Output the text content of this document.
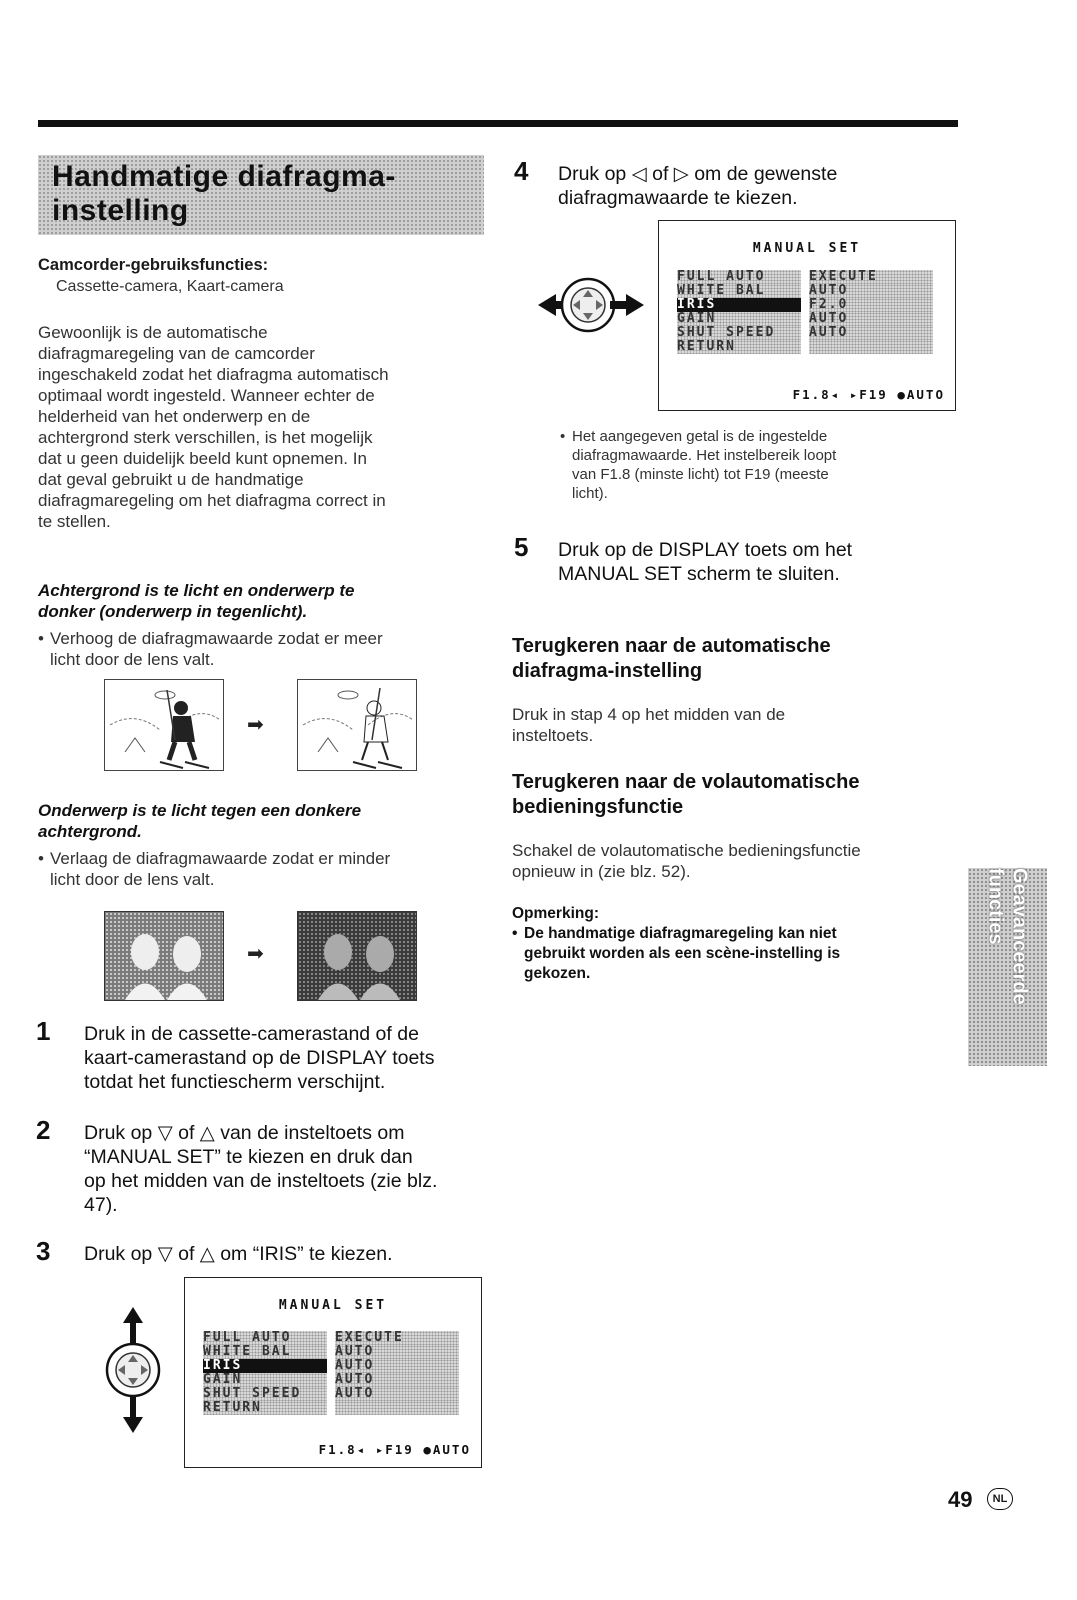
Handmatige diafragma-
instelling
Camcorder-gebruiksfuncties:
Cassette-camera, Kaart-camera
Gewoonlijk is de automatische
diafragmaregeling van de camcorder
ingeschakeld zodat het diafragma automatisch
optimaal wordt ingesteld. Wanneer echter de
helderheid van het onderwerp en de
achtergrond sterk verschillen, is het mogelijk
dat u geen duidelijk beeld kunt opnemen. In
dat geval gebruikt u de handmatige
diafragmaregeling om het diafragma correct in
te stellen.
Achtergrond is te licht en onderwerp te
donker (onderwerp in tegenlicht).
• Verhoog de diafragmawaarde zodat er meer
licht door de lens valt.
➡
Onderwerp is te licht tegen een donkere
achtergrond.
• Verlaag de diafragmawaarde zodat er minder
licht door de lens valt.
➡
1 Druk in de cassette-camerastand of de
kaart-camerastand op de DISPLAY toets
totdat het functiescherm verschijnt.
2 Druk op ▽ of △ van de insteltoets om
“MANUAL SET” te kiezen en druk dan
op het midden van de insteltoets (zie blz.
47).
3 Druk op ▽ of △ om “IRIS” te kiezen.
MANUAL SET
FULL AUTO	EXECUTE
WHITE BAL	AUTO
IRIS	AUTO
GAIN	AUTO
SHUT SPEED	AUTO
RETURN
F1.8◂ ▸F19 ●AUTO
4 Druk op ◁ of ▷ om de gewenste
diafragmawaarde te kiezen.
MANUAL SET
FULL AUTO	EXECUTE
WHITE BAL	AUTO
IRIS	F2.0
GAIN	AUTO
SHUT SPEED	AUTO
RETURN
F1.8◂ ▸F19 ●AUTO
• Het aangegeven getal is de ingestelde
diafragmawaarde. Het instelbereik loopt
van F1.8 (minste licht) tot F19 (meeste
licht).
5 Druk op de DISPLAY toets om het
MANUAL SET scherm te sluiten.
Terugkeren naar de automatische
diafragma-instelling
Druk in stap 4 op het midden van de
insteltoets.
Terugkeren naar de volautomatische
bedieningsfunctie
Schakel de volautomatische bedieningsfunctie
opnieuw in (zie blz. 52).
Opmerking:
• De handmatige diafragmaregeling kan niet
gebruikt worden als een scène-instelling is
gekozen.	Geavanceerde functies
49	NL
